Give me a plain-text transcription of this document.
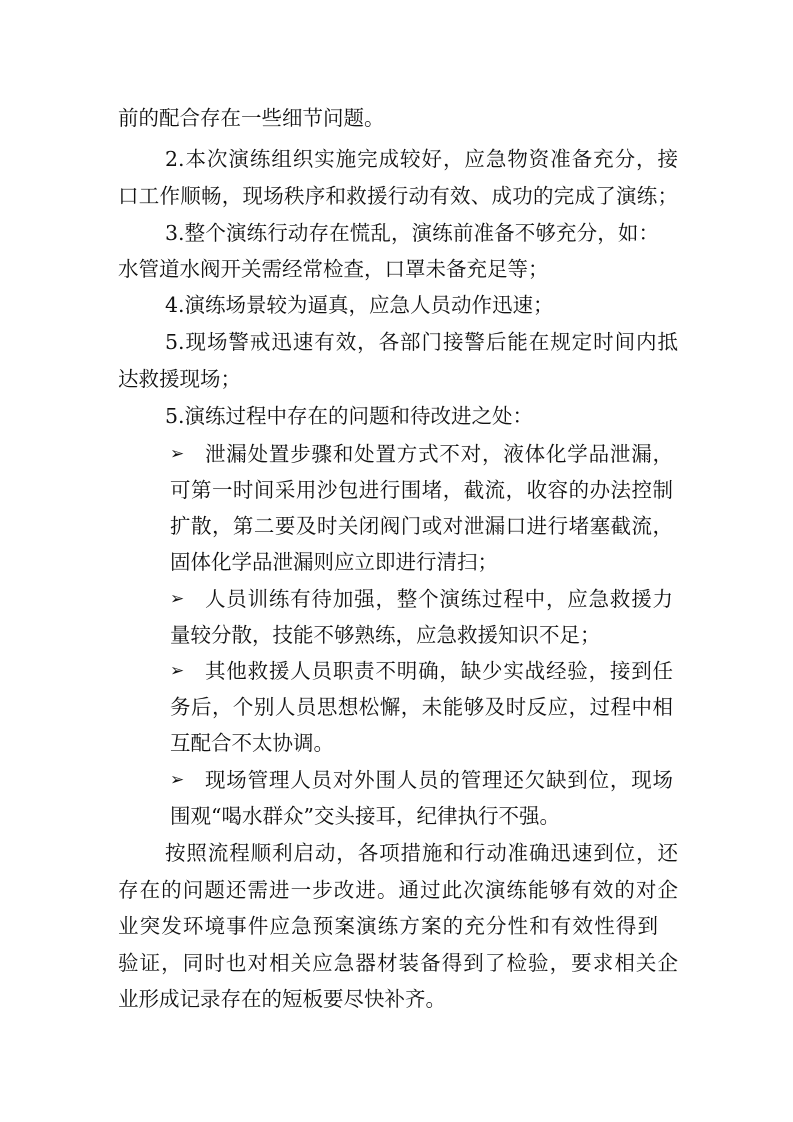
前的配合存在一些细节问题。

2.本次演练组织实施完成较好，应急物资准备充分，接

口工作顺畅，现场秩序和救援行动有效、成功的完成了演练；

3.整个演练行动存在慌乱，演练前准备不够充分，如：

水管道水阀开关需经常检查，口罩未备充足等；

4.演练场景较为逼真，应急人员动作迅速；

5.现场警戒迅速有效，各部门接警后能在规定时间内抵

达救援现场；

5.演练过程中存在的问题和待改进之处：

➢ 泄漏处置步骤和处置方式不对，液体化学品泄漏，

可第一时间采用沙包进行围堵，截流，收容的办法控制

扩散，第二要及时关闭阀门或对泄漏口进行堵塞截流，

固体化学品泄漏则应立即进行清扫；

➢ 人员训练有待加强，整个演练过程中，应急救援力

量较分散，技能不够熟练，应急救援知识不足；

➢ 其他救援人员职责不明确，缺少实战经验，接到任

务后，个别人员思想松懈，未能够及时反应，过程中相

互配合不太协调。

➢ 现场管理人员对外围人员的管理还欠缺到位，现场

围观“喝水群众”交头接耳，纪律执行不强。

按照流程顺利启动，各项措施和行动准确迅速到位，还

存在的问题还需进一步改进。通过此次演练能够有效的对企

业突发环境事件应急预案演练方案的充分性和有效性得到

验证，同时也对相关应急器材装备得到了检验，要求相关企

业形成记录存在的短板要尽快补齐。
